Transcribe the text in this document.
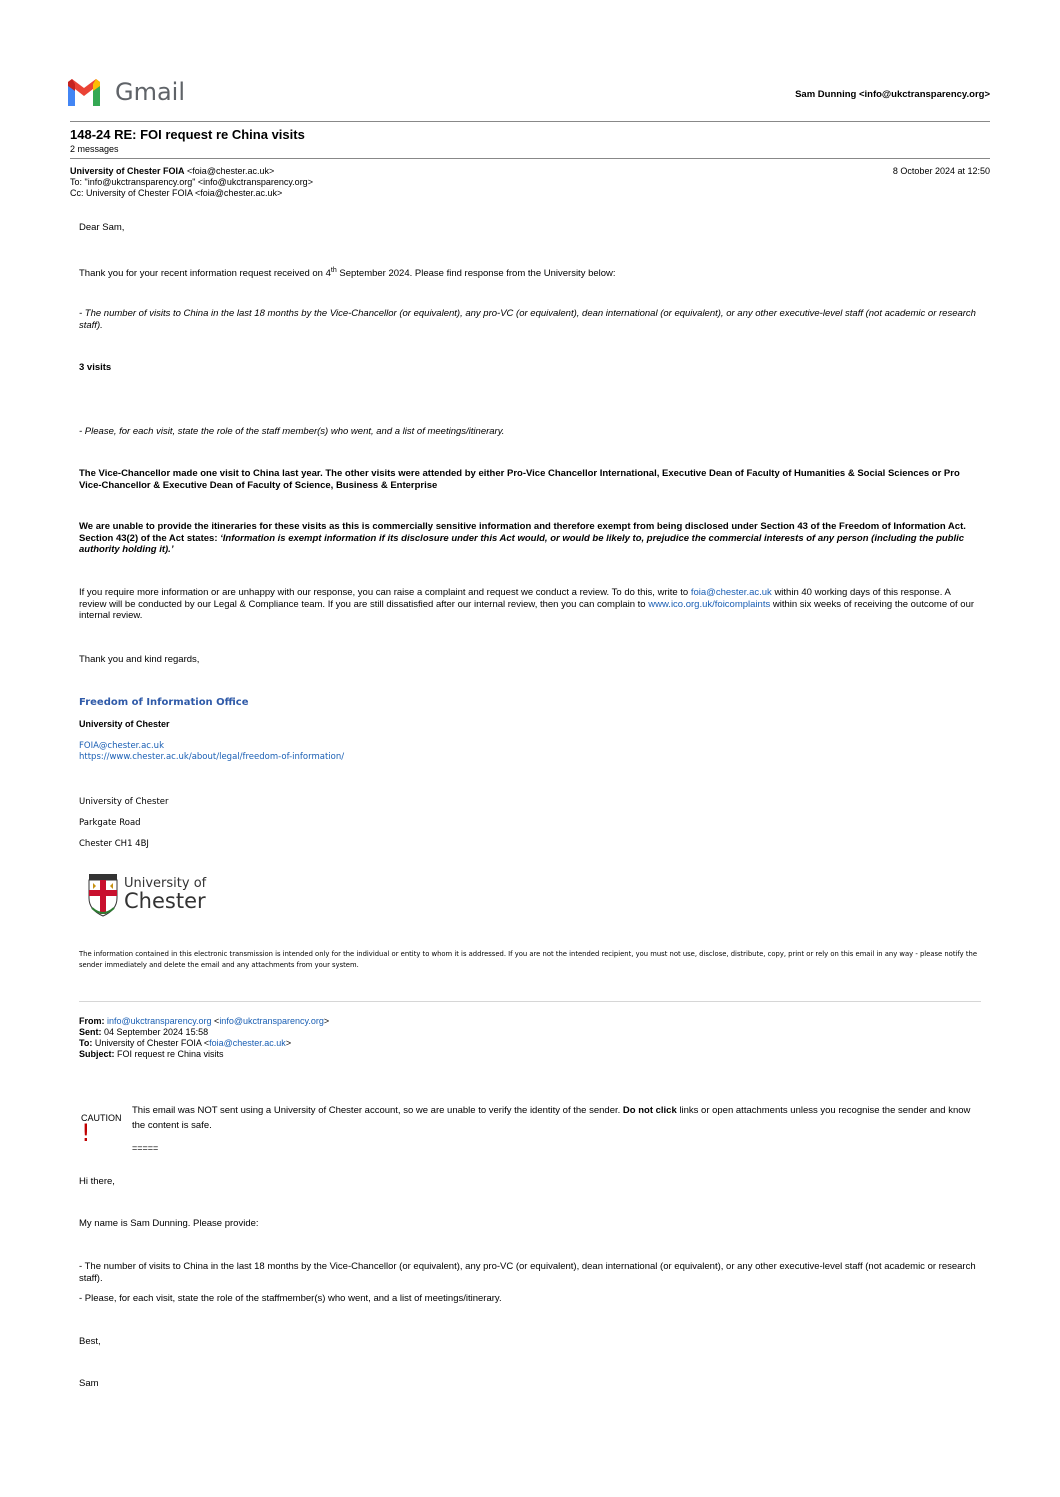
Gmail	Sam Dunning <info@ukctransparency.org>
148-24 RE: FOI request re China visits
2 messages
University of Chester FOIA <foia@chester.ac.uk>
To: "info@ukctransparency.org" <info@ukctransparency.org>
Cc: University of Chester FOIA <foia@chester.ac.uk>
8 October 2024 at 12:50
Dear Sam,
Thank you for your recent information request received on 4th September 2024. Please find response from the University below:
- The number of visits to China in the last 18 months by the Vice-Chancellor (or equivalent), any pro-VC (or equivalent), dean international (or equivalent), or any other executive-level staff (not academic or research staff).
3 visits
- Please, for each visit, state the role of the staff member(s) who went, and a list of meetings/itinerary.
The Vice-Chancellor made one visit to China last year. The other visits were attended by either Pro-Vice Chancellor International, Executive Dean of Faculty of Humanities & Social Sciences or Pro Vice-Chancellor & Executive Dean of Faculty of Science, Business & Enterprise
We are unable to provide the itineraries for these visits as this is commercially sensitive information and therefore exempt from being disclosed under Section 43 of the Freedom of Information Act. Section 43(2) of the Act states: ‘Information is exempt information if its disclosure under this Act would, or would be likely to, prejudice the commercial interests of any person (including the public authority holding it).’
If you require more information or are unhappy with our response, you can raise a complaint and request we conduct a review. To do this, write to foia@chester.ac.uk within 40 working days of this response. A review will be conducted by our Legal & Compliance team. If you are still dissatisfied after our internal review, then you can complain to www.ico.org.uk/foicomplaints within six weeks of receiving the outcome of our internal review.
Thank you and kind regards,
Freedom of Information Office
University of Chester
FOIA@chester.ac.uk
https://www.chester.ac.uk/about/legal/freedom-of-information/
University of Chester
Parkgate Road
Chester CH1 4BJ
University of
Chester
The information contained in this electronic transmission is intended only for the individual or entity to whom it is addressed. If you are not the intended recipient, you must not use, disclose, distribute, copy, print or rely on this email in any way - please notify the sender immediately and delete the email and any attachments from your system.
From: info@ukctransparency.org <info@ukctransparency.org>
Sent: 04 September 2024 15:58
To: University of Chester FOIA <foia@chester.ac.uk>
Subject: FOI request re China visits
CAUTION
!
This email was NOT sent using a University of Chester account, so we are unable to verify the identity of the sender. Do not click links or open attachments unless you recognise the sender and know the content is safe.
=====
Hi there,
My name is Sam Dunning. Please provide:
- The number of visits to China in the last 18 months by the Vice-Chancellor (or equivalent), any pro-VC (or equivalent), dean international (or equivalent), or any other executive-level staff (not academic or research staff).
- Please, for each visit, state the role of the staffmember(s) who went, and a list of meetings/itinerary.
Best,
Sam
